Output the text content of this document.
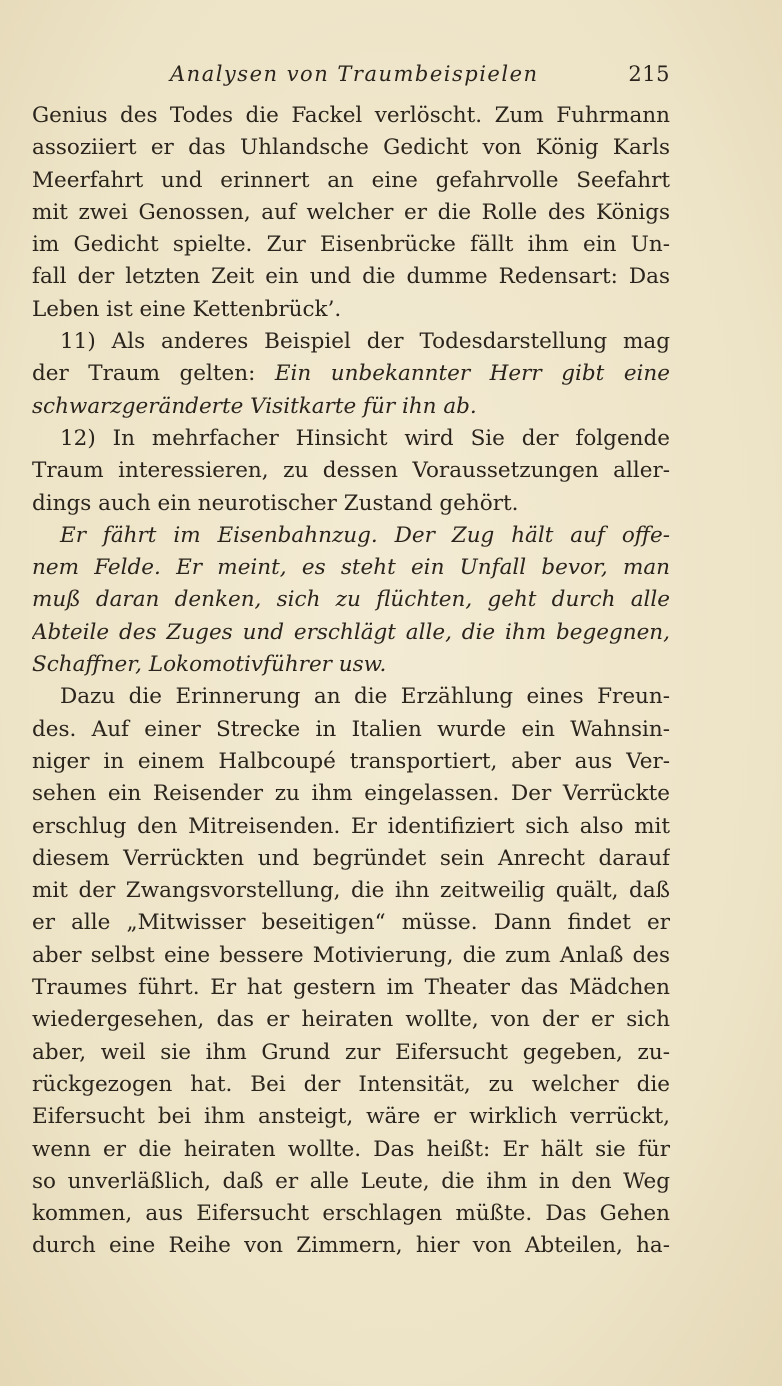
Analysen von Traumbeispielen	215
Genius des Todes die Fackel verlöscht. Zum Fuhrmann
assoziiert er das Uhlandsche Gedicht von König Karls
Meerfahrt und erinnert an eine gefahrvolle Seefahrt
mit zwei Genossen, auf welcher er die Rolle des Königs
im Gedicht spielte. Zur Eisenbrücke fällt ihm ein Un-
fall der letzten Zeit ein und die dumme Redensart: Das
Leben ist eine Kettenbrück’.
11) Als anderes Beispiel der Todesdarstellung mag
der Traum gelten: Ein unbekannter Herr gibt eine
schwarzgeränderte Visitkarte für ihn ab.
12) In mehrfacher Hinsicht wird Sie der folgende
Traum interessieren, zu dessen Voraussetzungen aller-
dings auch ein neurotischer Zustand gehört.
Er fährt im Eisenbahnzug. Der Zug hält auf offe-
nem Felde. Er meint, es steht ein Unfall bevor, man
muß daran denken, sich zu flüchten, geht durch alle
Abteile des Zuges und erschlägt alle, die ihm begegnen,
Schaffner, Lokomotivführer usw.
Dazu die Erinnerung an die Erzählung eines Freun-
des. Auf einer Strecke in Italien wurde ein Wahnsin-
niger in einem Halbcoupé transportiert, aber aus Ver-
sehen ein Reisender zu ihm eingelassen. Der Verrückte
erschlug den Mitreisenden. Er identifiziert sich also mit
diesem Verrückten und begründet sein Anrecht darauf
mit der Zwangsvorstellung, die ihn zeitweilig quält, daß
er alle „Mitwisser beseitigen“ müsse. Dann findet er
aber selbst eine bessere Motivierung, die zum Anlaß des
Traumes führt. Er hat gestern im Theater das Mädchen
wiedergesehen, das er heiraten wollte, von der er sich
aber, weil sie ihm Grund zur Eifersucht gegeben, zu-
rückgezogen hat. Bei der Intensität, zu welcher die
Eifersucht bei ihm ansteigt, wäre er wirklich verrückt,
wenn er die heiraten wollte. Das heißt: Er hält sie für
so unverläßlich, daß er alle Leute, die ihm in den Weg
kommen, aus Eifersucht erschlagen müßte. Das Gehen
durch eine Reihe von Zimmern, hier von Abteilen, ha-
